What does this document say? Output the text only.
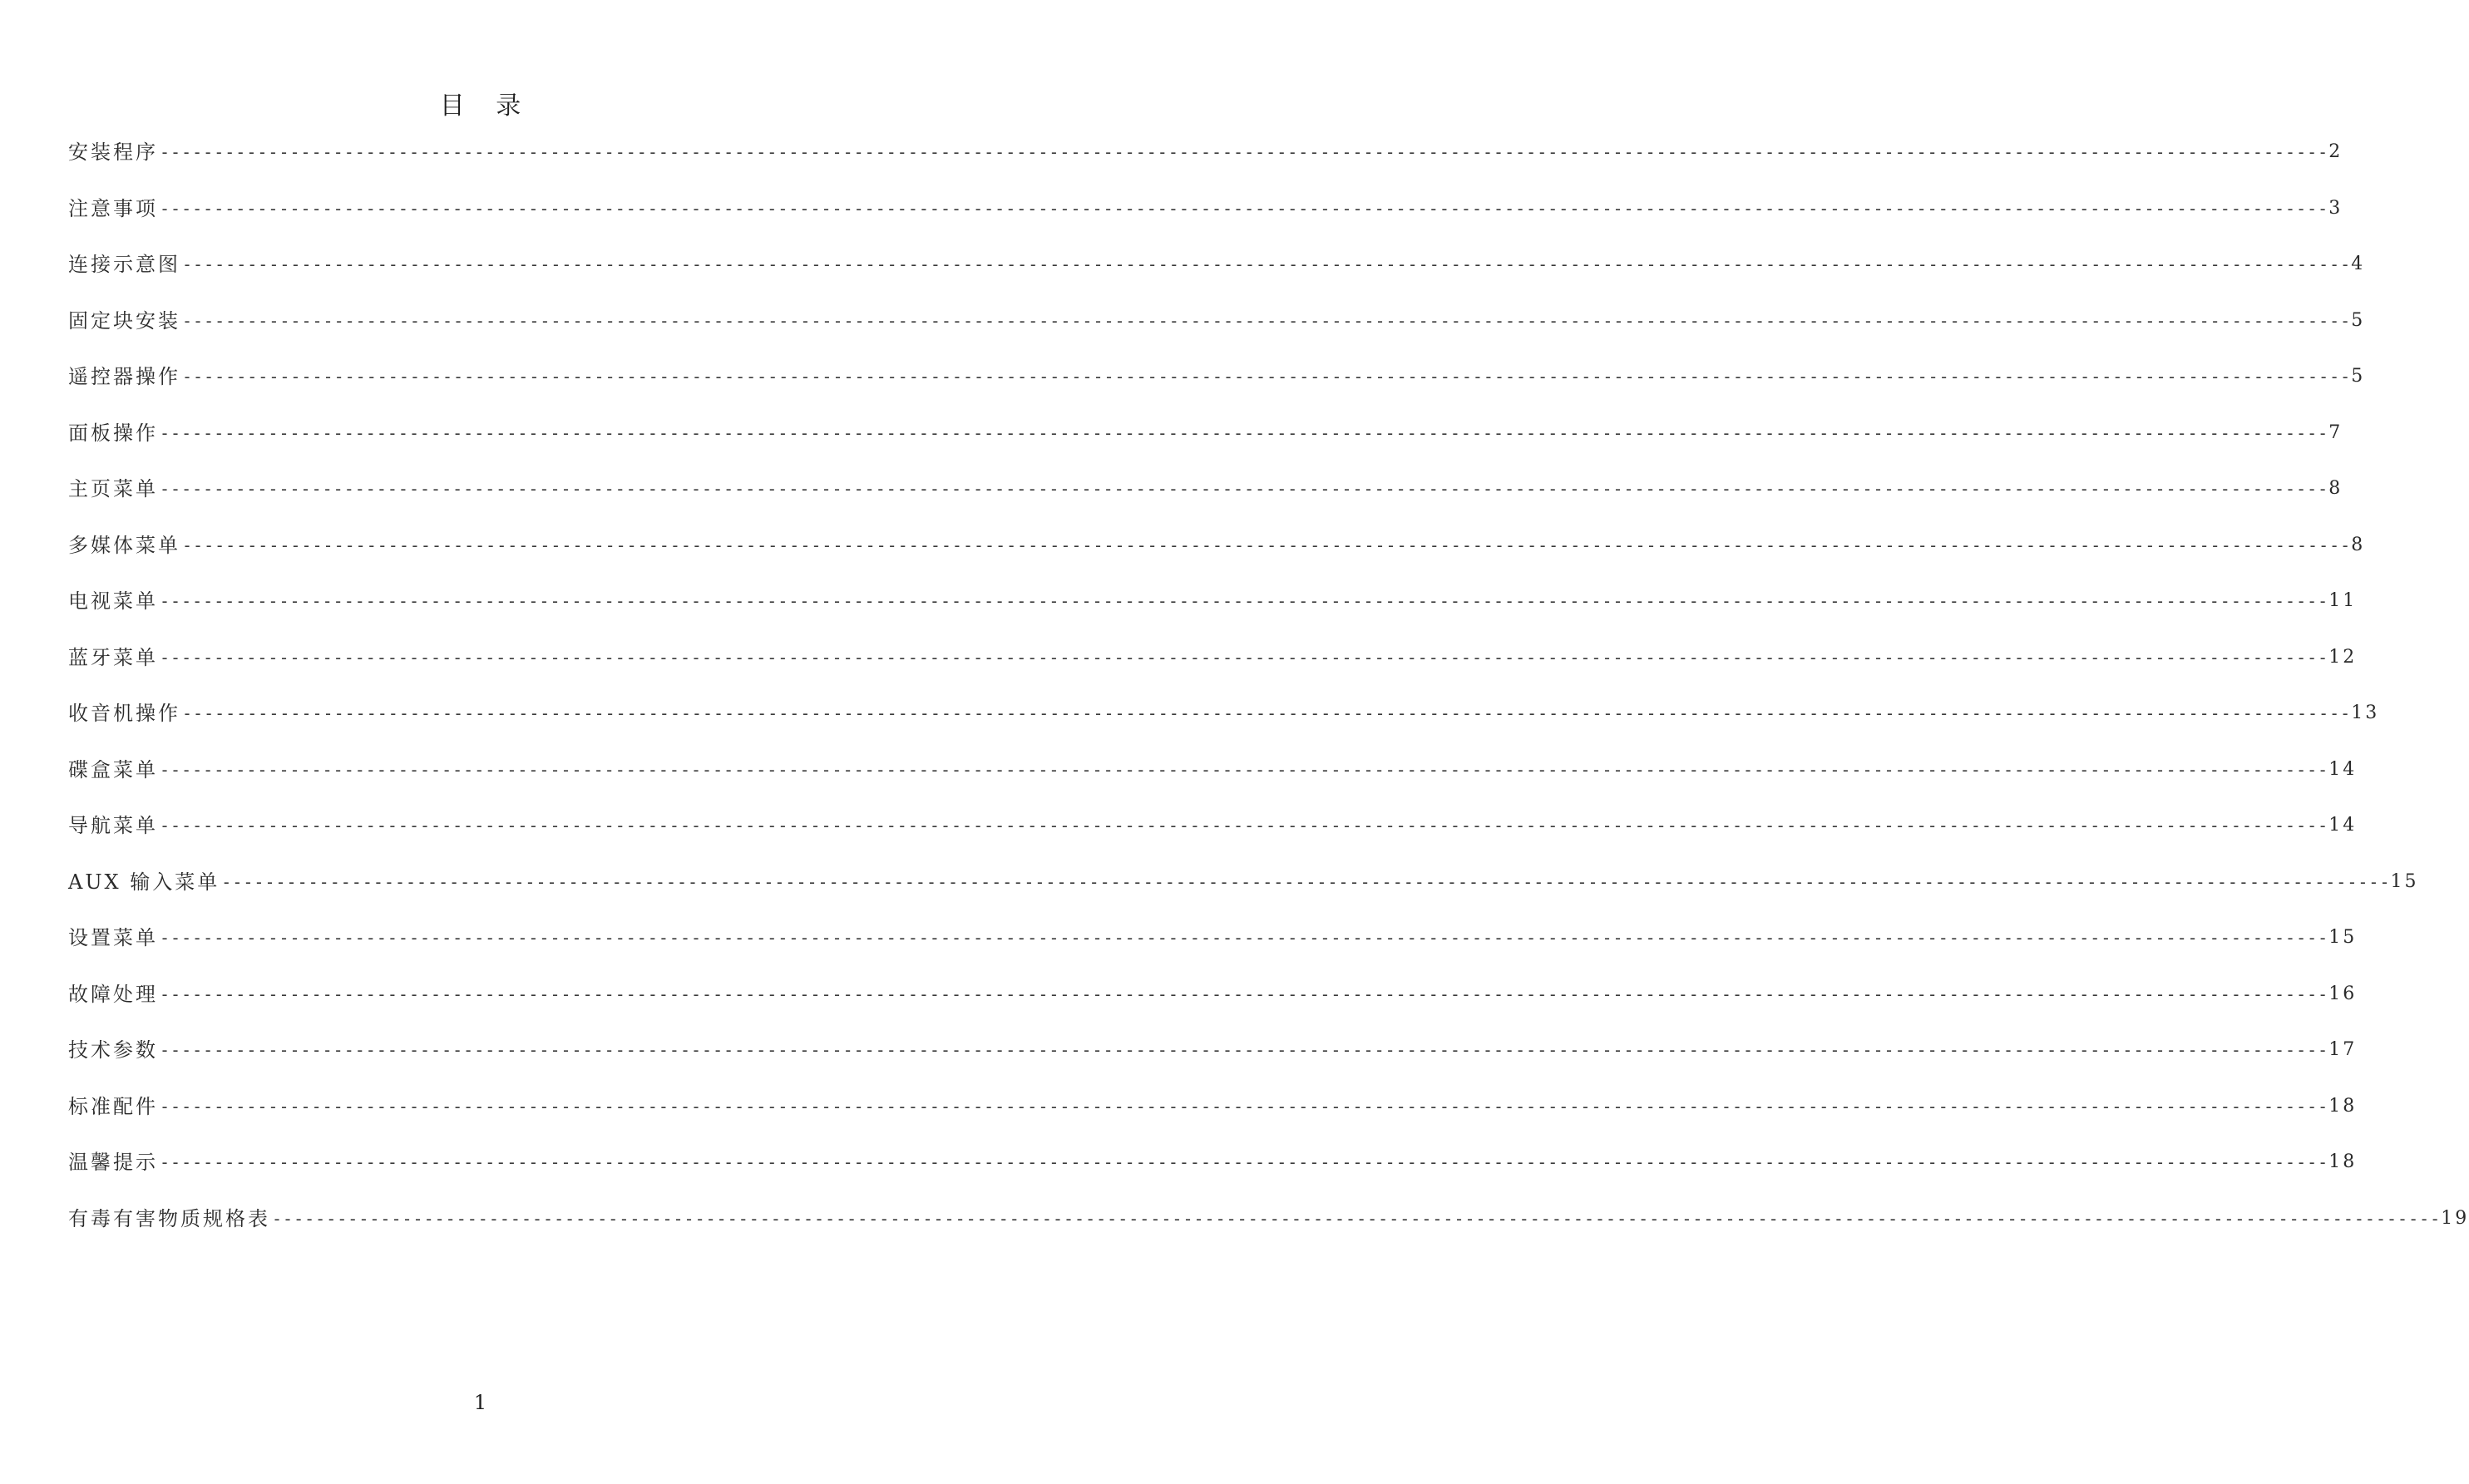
目 录
安装程序 -------------------------------------------------------------------------------------------------------------------------------------------------------------------------------------------------------- 2
注意事项 -------------------------------------------------------------------------------------------------------------------------------------------------------------------------------------------------------- 3
连接示意图 -------------------------------------------------------------------------------------------------------------------------------------------------------------------------------------------------------- 4
固定块安装 -------------------------------------------------------------------------------------------------------------------------------------------------------------------------------------------------------- 5
遥控器操作 -------------------------------------------------------------------------------------------------------------------------------------------------------------------------------------------------------- 5
面板操作 -------------------------------------------------------------------------------------------------------------------------------------------------------------------------------------------------------- 7
主页菜单 -------------------------------------------------------------------------------------------------------------------------------------------------------------------------------------------------------- 8
多媒体菜单 -------------------------------------------------------------------------------------------------------------------------------------------------------------------------------------------------------- 8
电视菜单 -------------------------------------------------------------------------------------------------------------------------------------------------------------------------------------------------------- 11
蓝牙菜单 -------------------------------------------------------------------------------------------------------------------------------------------------------------------------------------------------------- 12
收音机操作 -------------------------------------------------------------------------------------------------------------------------------------------------------------------------------------------------------- 13
碟盒菜单 -------------------------------------------------------------------------------------------------------------------------------------------------------------------------------------------------------- 14
导航菜单 -------------------------------------------------------------------------------------------------------------------------------------------------------------------------------------------------------- 14
AUX 输入菜单 -------------------------------------------------------------------------------------------------------------------------------------------------------------------------------------------------------- 15
设置菜单 -------------------------------------------------------------------------------------------------------------------------------------------------------------------------------------------------------- 15
故障处理 -------------------------------------------------------------------------------------------------------------------------------------------------------------------------------------------------------- 16
技术参数 -------------------------------------------------------------------------------------------------------------------------------------------------------------------------------------------------------- 17
标准配件 -------------------------------------------------------------------------------------------------------------------------------------------------------------------------------------------------------- 18
温馨提示 -------------------------------------------------------------------------------------------------------------------------------------------------------------------------------------------------------- 18
有毒有害物质规格表 -------------------------------------------------------------------------------------------------------------------------------------------------------------------------------------------------------- 19
1
